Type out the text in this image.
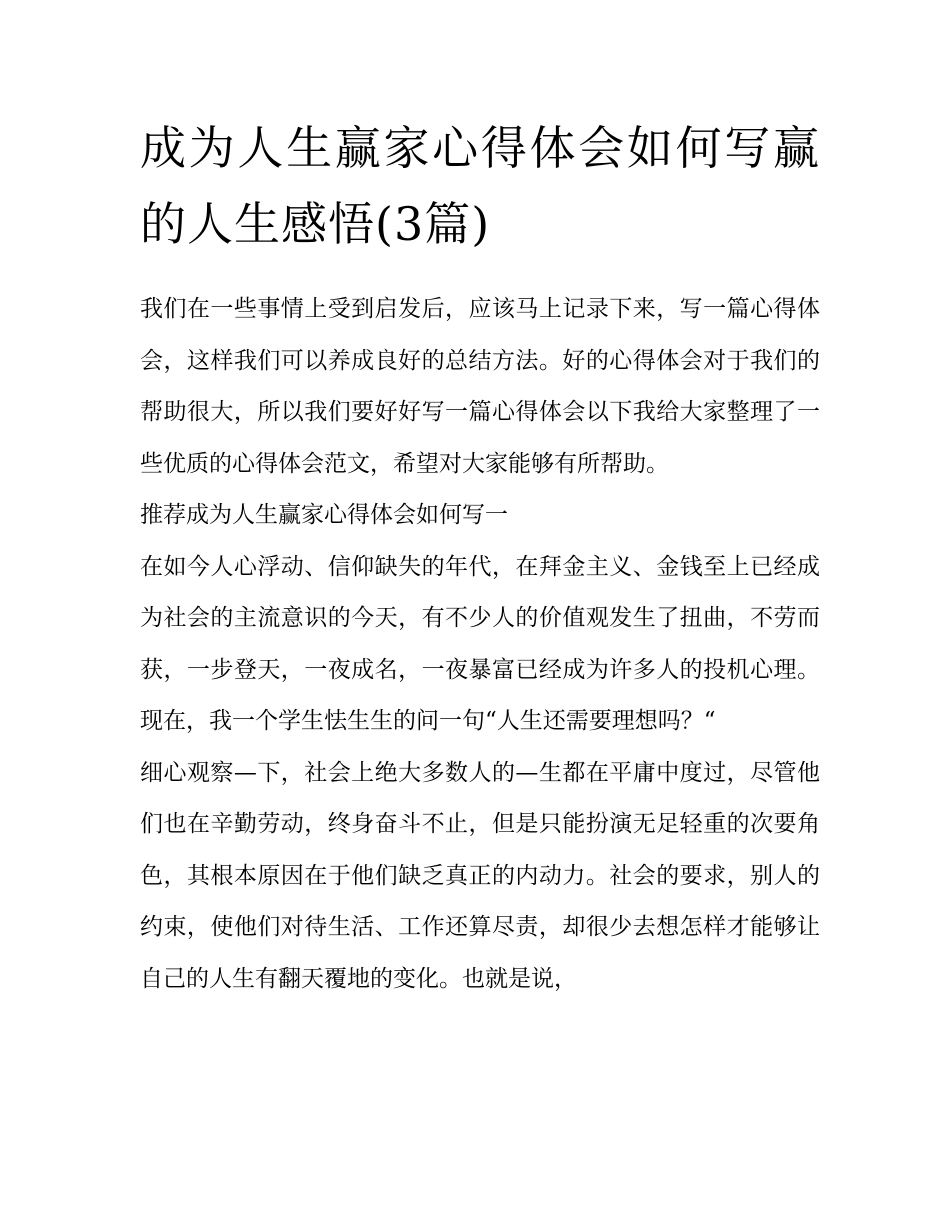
成为人生赢家心得体会如何写赢的人生感悟(3篇)

我们在一些事情上受到启发后，应该马上记录下来，写一篇心得体会，这样我们可以养成良好的总结方法。好的心得体会对于我们的帮助很大，所以我们要好好写一篇心得体会以下我给大家整理了一些优质的心得体会范文，希望对大家能够有所帮助。

推荐成为人生赢家心得体会如何写一

在如今人心浮动、信仰缺失的年代，在拜金主义、金钱至上已经成为社会的主流意识的今天，有不少人的价值观发生了扭曲，不劳而获，一步登天，一夜成名，一夜暴富已经成为许多人的投机心理。现在，我一个学生怯生生的问一句“人生还需要理想吗？“

细心观察—下，社会上绝大多数人的—生都在平庸中度过，尽管他们也在辛勤劳动，终身奋斗不止，但是只能扮演无足轻重的次要角色，其根本原因在于他们缺乏真正的内动力。社会的要求，别人的约束，使他们对待生活、工作还算尽责，却很少去想怎样才能够让自己的人生有翻天覆地的变化。也就是说，
